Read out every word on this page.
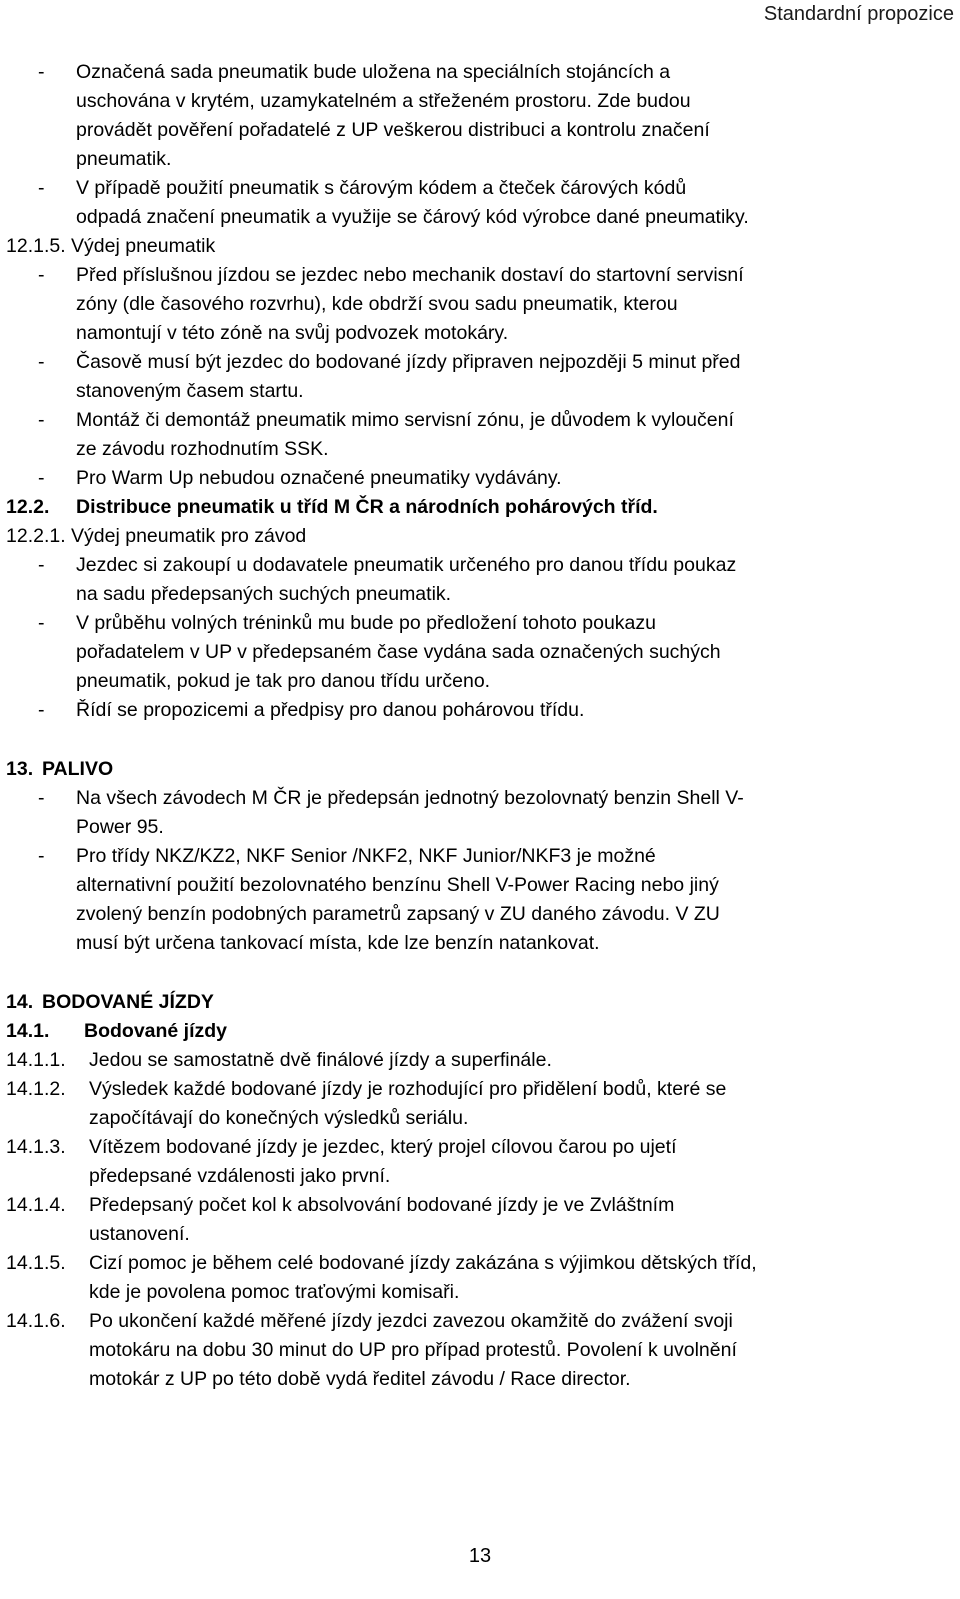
Standardní propozice
- Označená sada pneumatik bude uložena na speciálních stojáncích a
uschována v krytém, uzamykatelném a střeženém prostoru. Zde budou
provádět pověření pořadatelé z UP veškerou distribuci a kontrolu značení
pneumatik.
- V případě použití pneumatik s čárovým kódem a čteček čárových kódů
odpadá značení pneumatik a využije se čárový kód výrobce dané pneumatiky.
12.1.5. Výdej pneumatik
- Před příslušnou jízdou se jezdec nebo mechanik dostaví do startovní servisní
zóny (dle časového rozvrhu), kde obdrží svou sadu pneumatik, kterou
namontují v této zóně na svůj podvozek motokáry.
- Časově musí být jezdec do bodované jízdy připraven nejpozději 5 minut před
stanoveným časem startu.
- Montáž či demontáž pneumatik mimo servisní zónu, je důvodem k vyloučení
ze závodu rozhodnutím SSK.
- Pro Warm Up nebudou označené pneumatiky vydávány.
12.2. Distribuce pneumatik u tříd M ČR a národních pohárových tříd.
12.2.1. Výdej pneumatik pro závod
- Jezdec si zakoupí u dodavatele pneumatik určeného pro danou třídu poukaz
na sadu předepsaných suchých pneumatik.
- V průběhu volných tréninků mu bude po předložení tohoto poukazu
pořadatelem v UP v předepsaném čase vydána sada označených suchých
pneumatik, pokud je tak pro danou třídu určeno.
- Řídí se propozicemi a předpisy pro danou pohárovou třídu.
13. PALIVO
- Na všech závodech M ČR je předepsán jednotný bezolovnatý benzin Shell V-
Power 95.
- Pro třídy NKZ/KZ2, NKF Senior /NKF2, NKF Junior/NKF3 je možné
alternativní použití bezolovnatého benzínu Shell V-Power Racing nebo jiný
zvolený benzín podobných parametrů zapsaný v ZU daného závodu. V ZU
musí být určena tankovací místa, kde lze benzín natankovat.
14. BODOVANÉ JÍZDY
14.1. Bodované jízdy
14.1.1. Jedou se samostatně dvě finálové jízdy a superfinále.
14.1.2. Výsledek každé bodované jízdy je rozhodující pro přidělení bodů, které se
započítávají do konečných výsledků seriálu.
14.1.3. Vítězem bodované jízdy je jezdec, který projel cílovou čarou po ujetí
předepsané vzdálenosti jako první.
14.1.4. Předepsaný počet kol k absolvování bodované jízdy je ve Zvláštním
ustanovení.
14.1.5. Cizí pomoc je během celé bodované jízdy zakázána s výjimkou dětských tříd,
kde je povolena pomoc traťovými komisaři.
14.1.6. Po ukončení každé měřené jízdy jezdci zavezou okamžitě do zvážení svoji
motokáru na dobu 30 minut do UP pro případ protestů. Povolení k uvolnění
motokár z UP po této době vydá ředitel závodu / Race director.
13
